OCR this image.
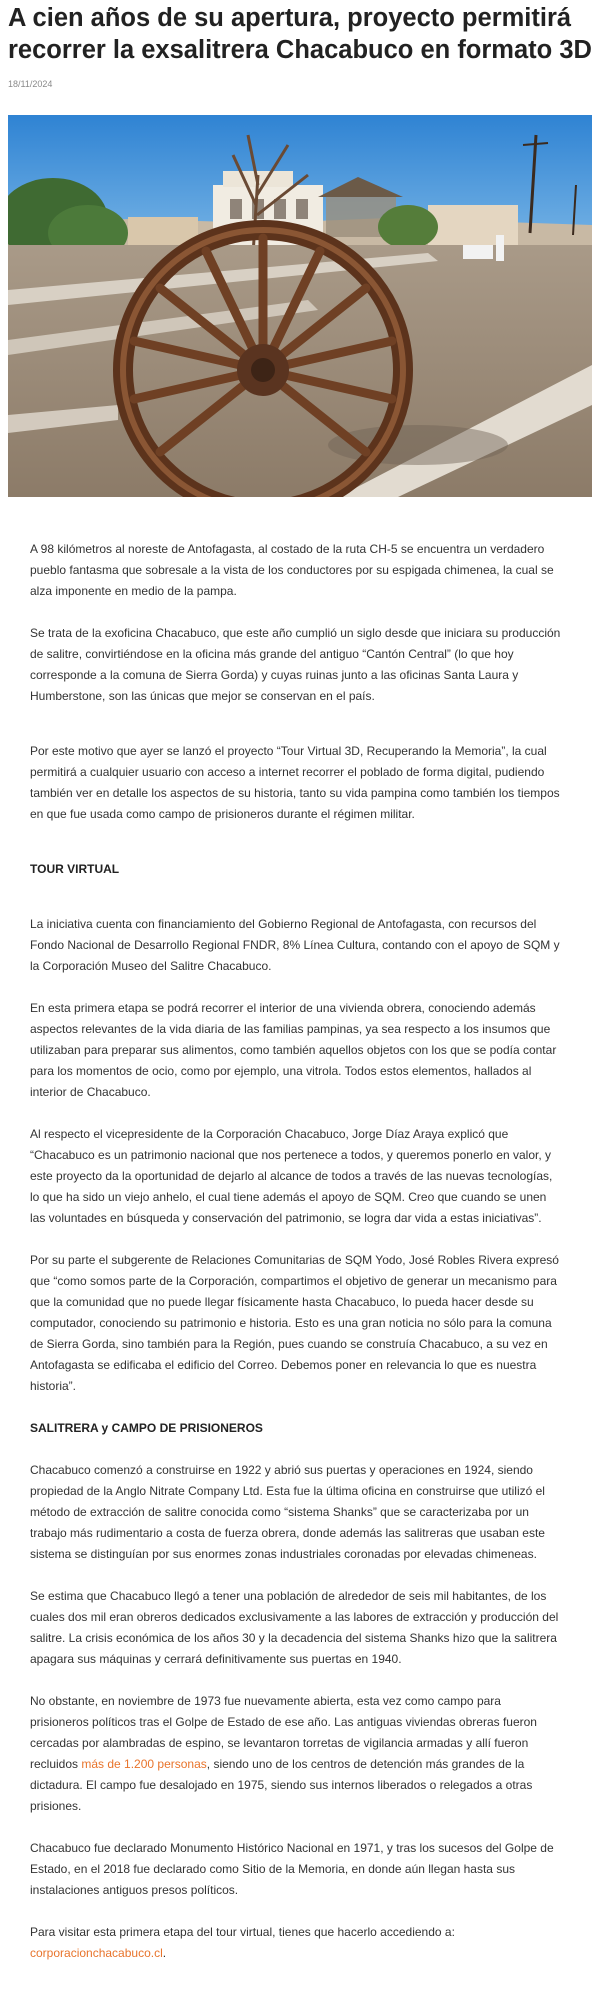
A cien años de su apertura, proyecto permitirá recorrer la exsalitrera Chacabuco en formato 3D
18/11/2024

A 98 kilómetros al noreste de Antofagasta, al costado de la ruta CH-5 se encuentra un verdadero pueblo fantasma que sobresale a la vista de los conductores por su espigada chimenea, la cual se alza imponente en medio de la pampa.

Se trata de la exoficina Chacabuco, que este año cumplió un siglo desde que iniciara su producción de salitre, convirtiéndose en la oficina más grande del antiguo “Cantón Central” (lo que hoy corresponde a la comuna de Sierra Gorda) y cuyas ruinas junto a las oficinas Santa Laura y Humberstone, son las únicas que mejor se conservan en el país.

Por este motivo que ayer se lanzó el proyecto “Tour Virtual 3D, Recuperando la Memoria”, la cual permitirá a cualquier usuario con acceso a internet recorrer el poblado de forma digital, pudiendo también ver en detalle los aspectos de su historia, tanto su vida pampina como también los tiempos en que fue usada como campo de prisioneros durante el régimen militar.

TOUR VIRTUAL

La iniciativa cuenta con financiamiento del Gobierno Regional de Antofagasta, con recursos del Fondo Nacional de Desarrollo Regional FNDR, 8% Línea Cultura, contando con el apoyo de SQM y la Corporación Museo del Salitre Chacabuco.

En esta primera etapa se podrá recorrer el interior de una vivienda obrera, conociendo además aspectos relevantes de la vida diaria de las familias pampinas, ya sea respecto a los insumos que utilizaban para preparar sus alimentos, como también aquellos objetos con los que se podía contar para los momentos de ocio, como por ejemplo, una vitrola. Todos estos elementos, hallados al interior de Chacabuco.

Al respecto el vicepresidente de la Corporación Chacabuco, Jorge Díaz Araya explicó que “Chacabuco es un patrimonio nacional que nos pertenece a todos, y queremos ponerlo en valor, y este proyecto da la oportunidad de dejarlo al alcance de todos a través de las nuevas tecnologías, lo que ha sido un viejo anhelo, el cual tiene además el apoyo de SQM. Creo que cuando se unen las voluntades en búsqueda y conservación del patrimonio, se logra dar vida a estas iniciativas”.

Por su parte el subgerente de Relaciones Comunitarias de SQM Yodo, José Robles Rivera expresó que “como somos parte de la Corporación, compartimos el objetivo de generar un mecanismo para que la comunidad que no puede llegar físicamente hasta Chacabuco, lo pueda hacer desde su computador, conociendo su patrimonio e historia. Esto es una gran noticia no sólo para la comuna de Sierra Gorda, sino también para la Región, pues cuando se construía Chacabuco, a su vez en Antofagasta se edificaba el edificio del Correo. Debemos poner en relevancia lo que es nuestra historia”.

SALITRERA y CAMPO DE PRISIONEROS

Chacabuco comenzó a construirse en 1922 y abrió sus puertas y operaciones en 1924, siendo propiedad de la Anglo Nitrate Company Ltd. Esta fue la última oficina en construirse que utilizó el método de extracción de salitre conocida como “sistema Shanks” que se caracterizaba por un trabajo más rudimentario a costa de fuerza obrera, donde además las salitreras que usaban este sistema se distinguían por sus enormes zonas industriales coronadas por elevadas chimeneas.

Se estima que Chacabuco llegó a tener una población de alrededor de seis mil habitantes, de los cuales dos mil eran obreros dedicados exclusivamente a las labores de extracción y producción del salitre. La crisis económica de los años 30 y la decadencia del sistema Shanks hizo que la salitrera apagara sus máquinas y cerrará definitivamente sus puertas en 1940.

No obstante, en noviembre de 1973 fue nuevamente abierta, esta vez como campo para prisioneros políticos tras el Golpe de Estado de ese año. Las antiguas viviendas obreras fueron cercadas por alambradas de espino, se levantaron torretas de vigilancia armadas y allí fueron recluidos más de 1.200 personas, siendo uno de los centros de detención más grandes de la dictadura. El campo fue desalojado en 1975, siendo sus internos liberados o relegados a otras prisiones.

Chacabuco fue declarado Monumento Histórico Nacional en 1971, y tras los sucesos del Golpe de Estado, en el 2018 fue declarado como Sitio de la Memoria, en donde aún llegan hasta sus instalaciones antiguos presos políticos.

Para visitar esta primera etapa del tour virtual, tienes que hacerlo accediendo a: corporacionchacabuco.cl.
